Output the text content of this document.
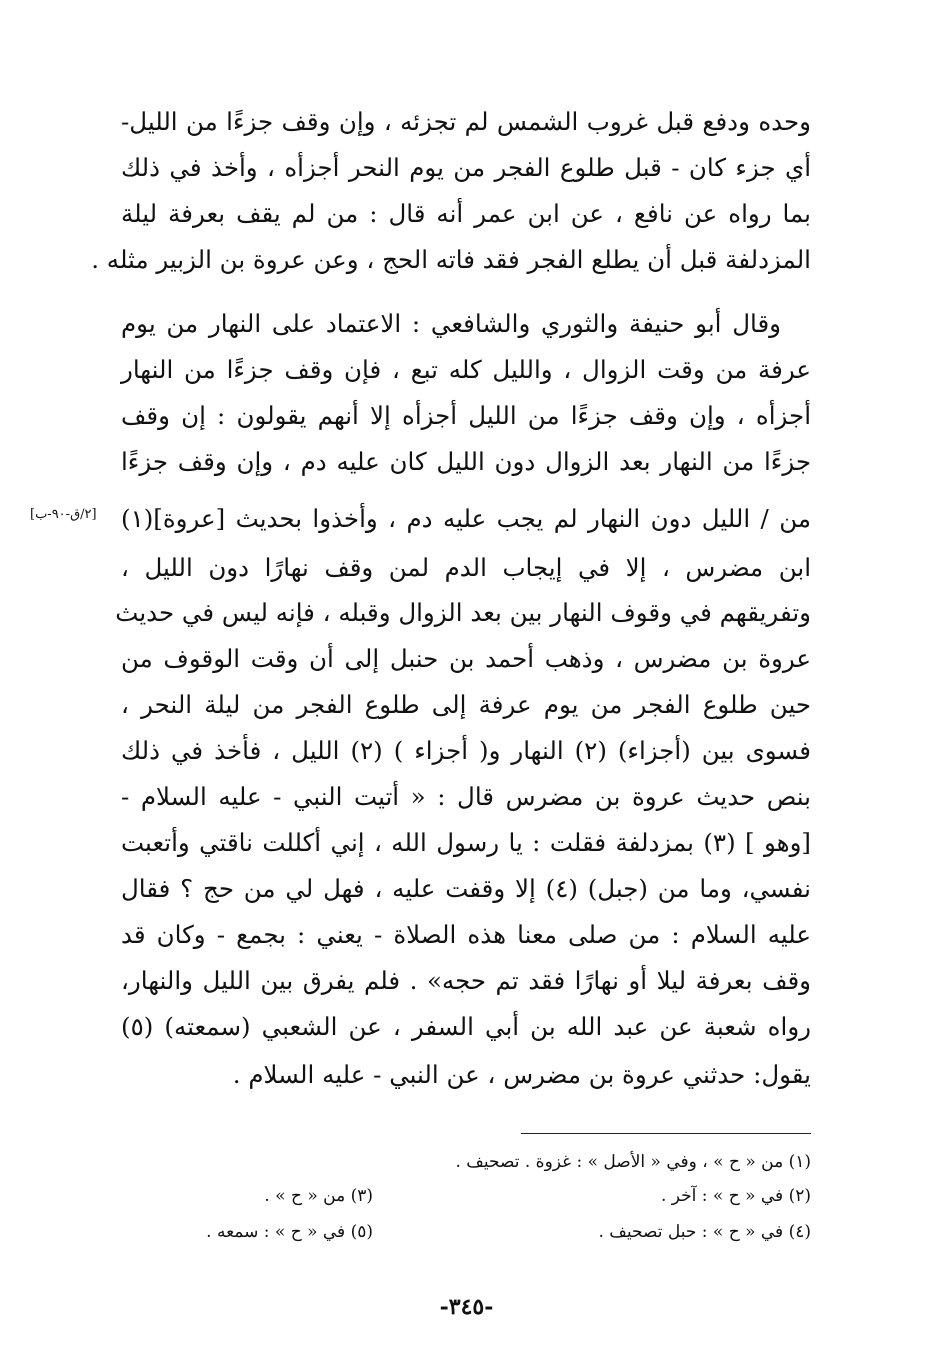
وحده ودفع قبل غروب الشمس لم تجزئه ، وإن وقف جزءًا من الليل-
أي جزء كان - قبل طلوع الفجر من يوم النحر أجزأه ، وأخذ في ذلك
بما رواه عن نافع ، عن ابن عمر أنه قال : من لم يقف بعرفة ليلة
المزدلفة قبل أن يطلع الفجر فقد فاته الحج ، وعن عروة بن الزبير مثله .
وقال أبو حنيفة والثوري والشافعي : الاعتماد على النهار من يوم
عرفة من وقت الزوال ، والليل كله تبع ، فإن وقف جزءًا من النهار
أجزأه ، وإن وقف جزءًا من الليل أجزأه إلا أنهم يقولون : إن وقف
جزءًا من النهار بعد الزوال دون الليل كان عليه دم ، وإن وقف جزءًا
من / الليل دون النهار لم يجب عليه دم ، وأخذوا بحديث [عروة](١)
ابن مضرس ، إلا في إيجاب الدم لمن وقف نهارًا دون الليل ،
وتفريقهم في وقوف النهار بين بعد الزوال وقبله ، فإنه ليس في حديث
عروة بن مضرس ، وذهب أحمد بن حنبل إلى أن وقت الوقوف من
حين طلوع الفجر من يوم عرفة إلى طلوع الفجر من ليلة النحر ،
فسوى بين (أجزاء) (٢) النهار و( أجزاء ) (٢) الليل ، فأخذ في ذلك
بنص حديث عروة بن مضرس قال : « أتيت النبي - عليه السلام -
[وهو ] (٣) بمزدلفة فقلت : يا رسول الله ، إني أكللت ناقتي وأتعبت
نفسي، وما من (جبل) (٤) إلا وقفت عليه ، فهل لي من حج ؟ فقال
عليه السلام : من صلى معنا هذه الصلاة - يعني : بجمع - وكان قد
وقف بعرفة ليلا أو نهارًا فقد تم حجه» . فلم يفرق بين الليل والنهار،
رواه شعبة عن عبد الله بن أبي السفر ، عن الشعبي (سمعته) (٥)
يقول: حدثني عروة بن مضرس ، عن النبي - عليه السلام .
[٢/ق-٩٠-ب]
(١) من « ح » ، وفي « الأصل » : غزوة . تصحيف .
(٢) في « ح » : آخر .
(٣) من « ح » .
(٤) في « ح » : حبل تصحيف .
(٥) في « ح » : سمعه .
-٣٤٥-
